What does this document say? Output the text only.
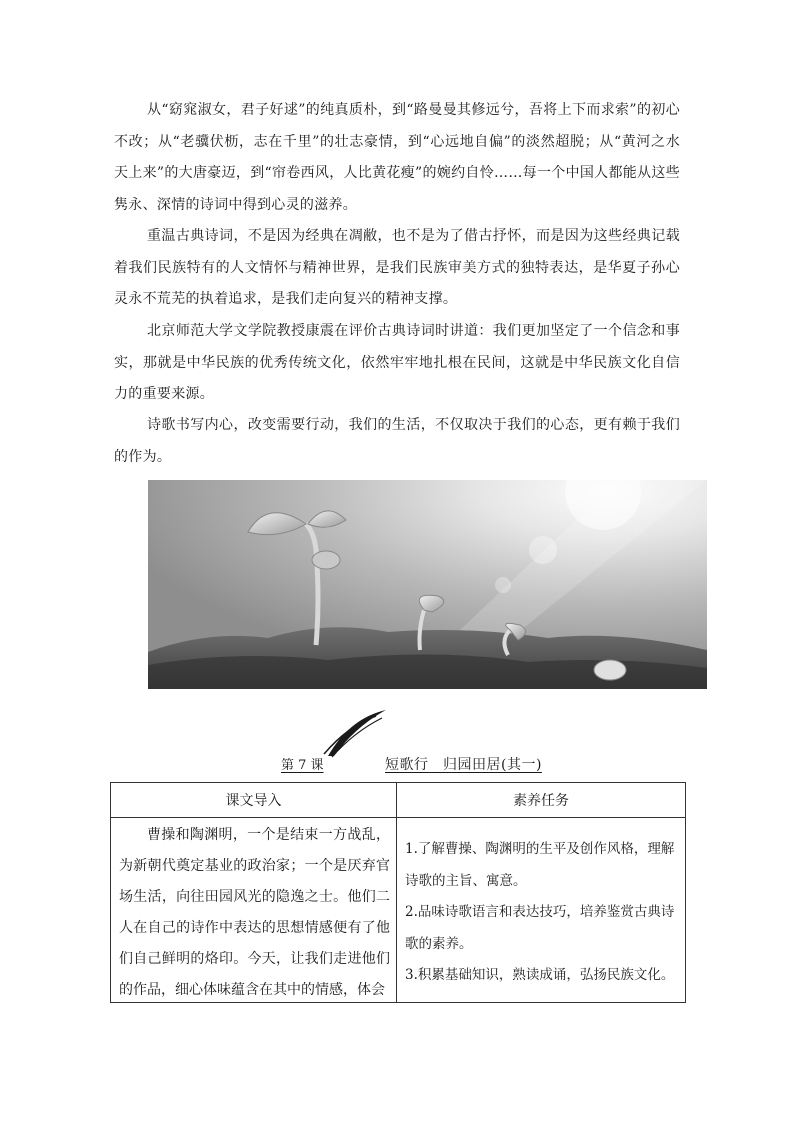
从“窈窕淑女，君子好逑”的纯真质朴，到“路曼曼其修远兮，吾将上下而求索”的初心不改；从“老骥伏枥，志在千里”的壮志豪情，到“心远地自偏”的淡然超脱；从“黄河之水天上来”的大唐豪迈，到“帘卷西风，人比黄花瘦”的婉约自怜……每一个中国人都能从这些隽永、深情的诗词中得到心灵的滋养。

重温古典诗词，不是因为经典在凋敝，也不是为了借古抒怀，而是因为这些经典记载着我们民族特有的人文情怀与精神世界，是我们民族审美方式的独特表达，是华夏子孙心灵永不荒芜的执着追求，是我们走向复兴的精神支撑。

北京师范大学文学院教授康震在评价古典诗词时讲道：我们更加坚定了一个信念和事实，那就是中华民族的优秀传统文化，依然牢牢地扎根在民间，这就是中华民族文化自信力的重要来源。

诗歌书写内心，改变需要行动，我们的生活，不仅取决于我们的心态，更有赖于我们的作为。

第 7 课	短歌行　归园田居(其一)
课文导入	素养任务

曹操和陶渊明，一个是结束一方战乱，为新朝代奠定基业的政治家；一个是厌弃官场生活，向往田园风光的隐逸之士。他们二人在自己的诗作中表达的思想情感便有了他们自己鲜明的烙印。今天，让我们走进他们的作品，细心体味蕴含在其中的情感，体会	1.了解曹操、陶渊明的生平及创作风格，理解诗歌的主旨、寓意。

2.品味诗歌语言和表达技巧，培养鉴赏古典诗歌的素养。

3.积累基础知识，熟读成诵，弘扬民族文化。
